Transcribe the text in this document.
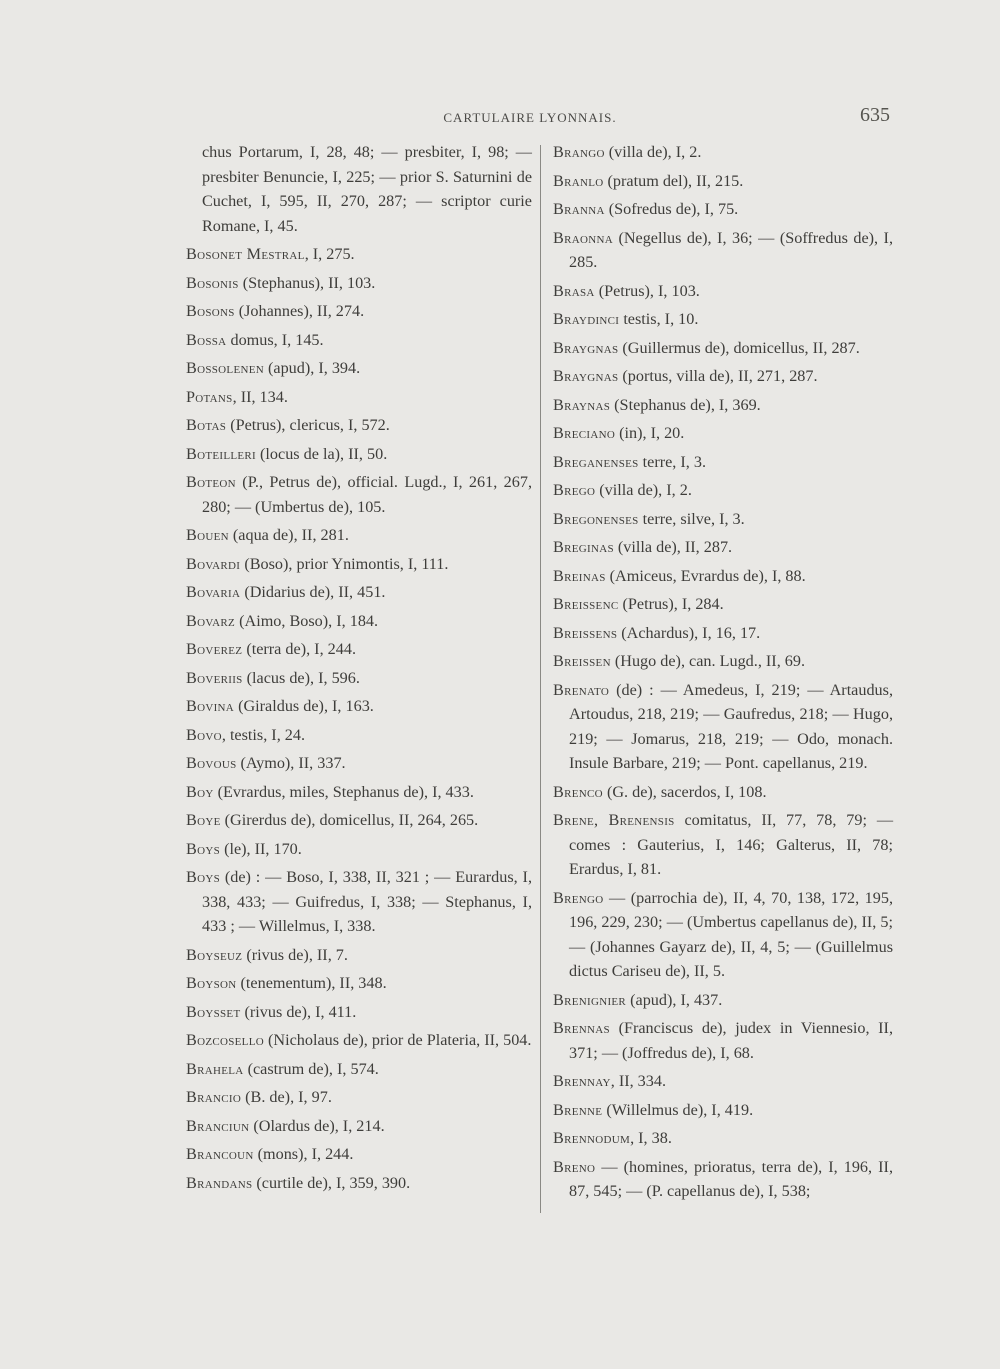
CARTULAIRE LYONNAIS.	635
chus Portarum, I, 28, 48; — presbiter, I, 98; — presbiter Benuncie, I, 225; — prior S. Saturnini de Cuchet, I, 595, II, 270, 287; — scriptor curie Romane, I, 45.
Bosonet Mestral, I, 275.
Bosonis (Stephanus), II, 103.
Bosons (Johannes), II, 274.
Bossa domus, I, 145.
Bossolenen (apud), I, 394.
Potans, II, 134.
Botas (Petrus), clericus, I, 572.
Boteilleri (locus de la), II, 50.
Boteon (P., Petrus de), official. Lugd., I, 261, 267, 280; — (Umbertus de), 105.
Bouen (aqua de), II, 281.
Bovardi (Boso), prior Ynimontis, I, 111.
Bovaria (Didarius de), II, 451.
Bovarz (Aimo, Boso), I, 184.
Boverez (terra de), I, 244.
Boveriis (lacus de), I, 596.
Bovina (Giraldus de), I, 163.
Bovo, testis, I, 24.
Bovous (Aymo), II, 337.
Boy (Evrardus, miles, Stephanus de), I, 433.
Boye (Girerdus de), domicellus, II, 264, 265.
Boys (le), II, 170.
Boys (de) : — Boso, I, 338, II, 321 ; — Eurardus, I, 338, 433; — Guifredus, I, 338; — Stephanus, I, 433 ; — Willelmus, I, 338.
Boyseuz (rivus de), II, 7.
Boyson (tenementum), II, 348.
Boysset (rivus de), I, 411.
Bozcosello (Nicholaus de), prior de Plateria, II, 504.
Brahela (castrum de), I, 574.
Brancio (B. de), I, 97.
Branciun (Olardus de), I, 214.
Brancoun (mons), I, 244.
Brandans (curtile de), I, 359, 390.
Brango (villa de), I, 2.
Branlo (pratum del), II, 215.
Branna (Sofredus de), I, 75.
Braonna (Negellus de), I, 36; — (Soffredus de), I, 285.
Brasa (Petrus), I, 103.
Braydinci testis, I, 10.
Braygnas (Guillermus de), domicellus, II, 287.
Braygnas (portus, villa de), II, 271, 287.
Braynas (Stephanus de), I, 369.
Breciano (in), I, 20.
Breganenses terre, I, 3.
Brego (villa de), I, 2.
Bregonenses terre, silve, I, 3.
Breginas (villa de), II, 287.
Breinas (Amiceus, Evrardus de), I, 88.
Breissenc (Petrus), I, 284.
Breissens (Achardus), I, 16, 17.
Breissen (Hugo de), can. Lugd., II, 69.
Brenato (de) : — Amedeus, I, 219; — Artaudus, Artoudus, 218, 219; — Gaufredus, 218; — Hugo, 219; — Jomarus, 218, 219; — Odo, monach. Insule Barbare, 219; — Pont. capellanus, 219.
Brenco (G. de), sacerdos, I, 108.
Brene, Brenensis comitatus, II, 77, 78, 79; — comes : Gauterius, I, 146; Galterus, II, 78; Erardus, I, 81.
Brengo — (parrochia de), II, 4, 70, 138, 172, 195, 196, 229, 230; — (Umbertus capellanus de), II, 5; — (Johannes Gayarz de), II, 4, 5; — (Guillelmus dictus Cariseu de), II, 5.
Brenignier (apud), I, 437.
Brennas (Franciscus de), judex in Viennesio, II, 371; — (Joffredus de), I, 68.
Brennay, II, 334.
Brenne (Willelmus de), I, 419.
Brennodum, I, 38.
Breno — (homines, prioratus, terra de), I, 196, II, 87, 545; — (P. capellanus de), I, 538;
